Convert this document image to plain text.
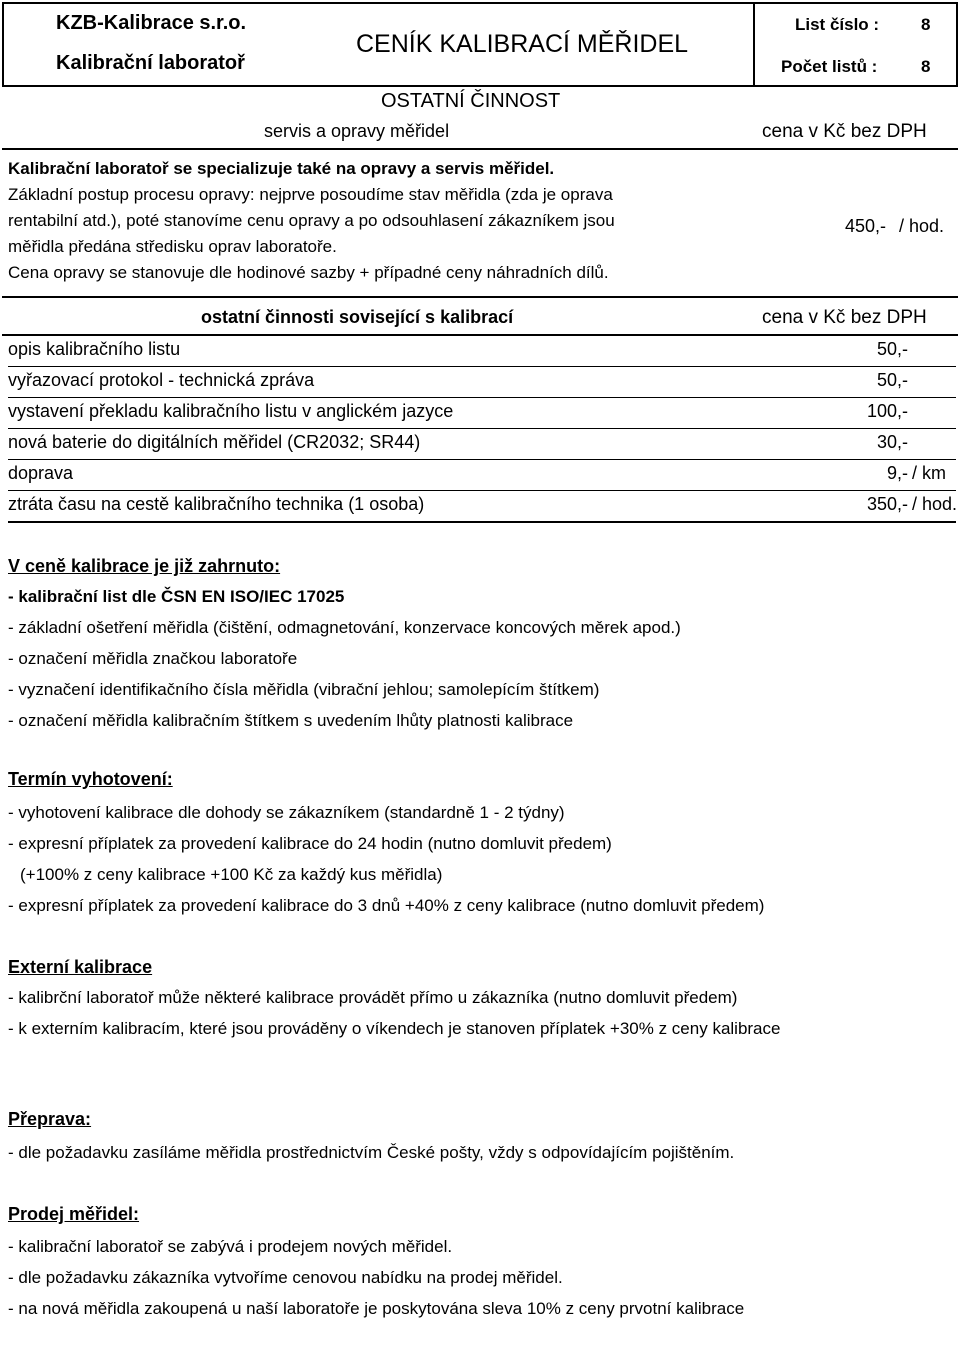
KZB-Kalibrace s.r.o.
Kalibrační laboratoř
CENÍK KALIBRACÍ MĚŘIDEL
List číslo : 8
Počet listů :	8
OSTATNÍ ČINNOST
servis a opravy měřidel	cena v Kč bez DPH
Kalibrační laboratoř se specializuje také na opravy a servis měřidel.
Základní postup procesu opravy: nejprve posoudíme stav měřidla (zda je oprava
rentabilní atd.), poté stanovíme cenu opravy a po odsouhlasení zákazníkem jsou
měřidla předána středisku oprav laboratoře.
Cena opravy se stanovuje dle hodinové sazby + případné ceny náhradních dílů.
450,- / hod.
ostatní činnosti sovisející s kalibrací	cena v Kč bez DPH
opis kalibračního listu	50,-
vyřazovací protokol - technická zpráva	50,-
vystavení překladu kalibračního listu v anglickém jazyce	100,-
nová baterie do digitálních měřidel (CR2032; SR44)	30,-
doprava	9,- / km
ztráta času na cestě kalibračního technika (1 osoba)	350,- / hod.
V ceně kalibrace je již zahrnuto:
- kalibrační list dle ČSN EN ISO/IEC 17025
- základní ošetření měřidla (čištění, odmagnetování, konzervace koncových měrek apod.)
- označení měřidla značkou laboratoře
- vyznačení identifikačního čísla měřidla (vibrační jehlou; samolepícím štítkem)
- označení měřidla kalibračním štítkem s uvedením lhůty platnosti kalibrace
Termín vyhotovení:
- vyhotovení kalibrace dle dohody se zákazníkem (standardně 1 - 2 týdny)
- expresní příplatek za provedení kalibrace do 24 hodin (nutno domluvit předem)
(+100% z ceny kalibrace +100 Kč za každý kus měřidla)
- expresní příplatek za provedení kalibrace do 3 dnů +40% z ceny kalibrace (nutno domluvit předem)
Externí kalibrace
- kalibrční laboratoř může některé kalibrace provádět přímo u zákazníka (nutno domluvit předem)
- k externím kalibracím, které jsou prováděny o víkendech je stanoven příplatek +30% z ceny kalibrace
Přeprava:
- dle požadavku zasíláme měřidla prostřednictvím České pošty, vždy s odpovídajícím pojištěním.
Prodej měřidel:
- kalibrační laboratoř se zabývá i prodejem nových měřidel.
- dle požadavku zákazníka vytvoříme cenovou nabídku na prodej měřidel.
- na nová měřidla zakoupená u naší laboratoře je poskytována sleva 10% z ceny prvotní kalibrace
